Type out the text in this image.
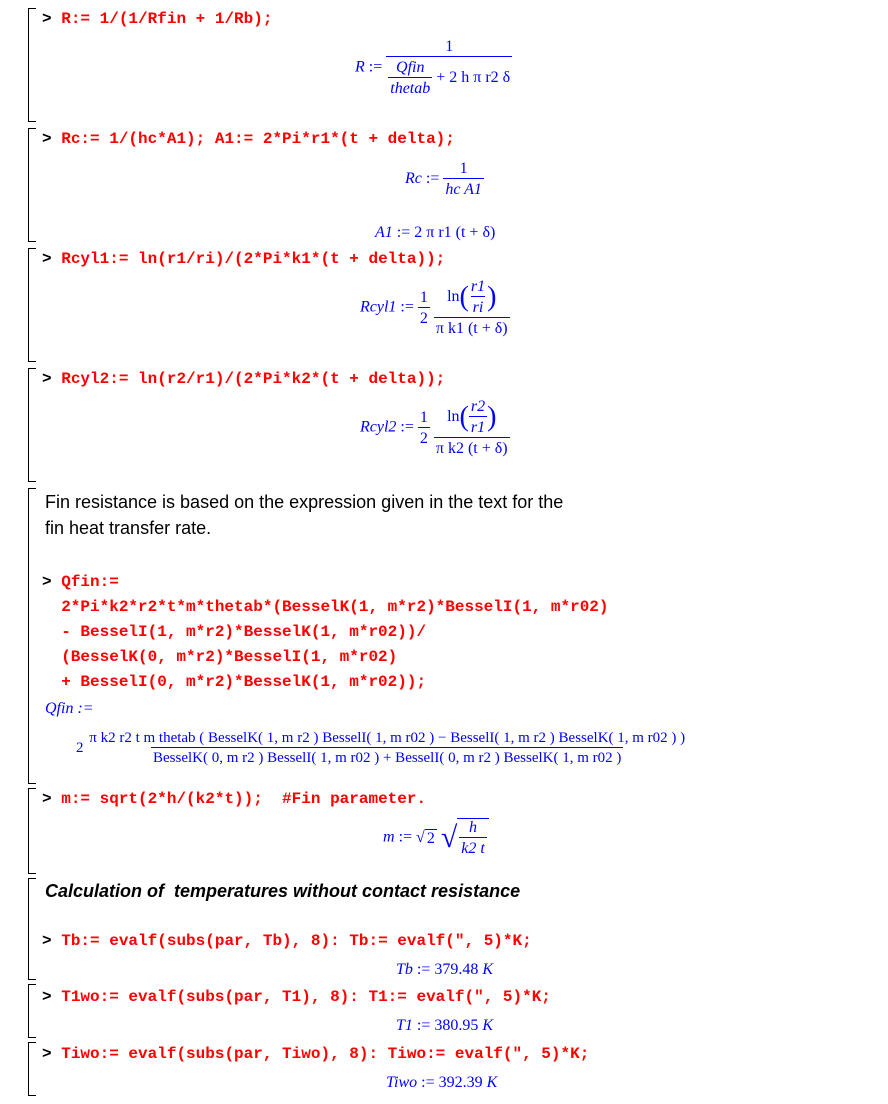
> R:= 1/(1/Rfin + 1/Rb);
R := $\frac{1}{\frac{\text{Qfin}}{\text{thetab}} + 2 h \pi r2 \delta}$
> Rc:= 1/(hc*A1); A1:= 2*Pi*r1*(t + delta);
Rc := $\frac{1}{\text{hc A1}}$
A1 := 2 π r1 (t + δ)
> Rcyl1:= ln(r1/ri)/(2*Pi*k1*(t + delta));
Rcyl1 := $\frac{1}{2}$
$\frac{\ln( \frac{r1}{ri} )}{\text{π k1 (t + δ)}}$
> Rcyl2:= ln(r2/r1)/(2*Pi*k2*(t + delta));
Rcyl2 := $\frac{1}{2}$
$\frac{\ln( \frac{r2}{r1} )}{\text{π k2 (t + δ)}}$
Fin resistance is based on the expression given in the text for the
fin heat transfer rate.
> Qfin:=
2*Pi*k2*r2*t*m*thetab*(BesselK(1, m*r2)*BesselI(1, m*r02)
- BesselI(1, m*r2)*BesselK(1, m*r02))/
(BesselK(0, m*r2)*BesselI(1, m*r02)
+ BesselI(0, m*r2)*BesselK(1, m*r02));
Qfin :=
2
π k2 r2 t m thetab ( BesselK( 1, m r2 ) BesselI( 1, m r02 ) − BesselI( 1, m r2 ) BesselK( 1, m r02 ) )
BesselK( 0, m r2 ) BesselI( 1, m r02 ) + BesselI( 0, m r2 ) BesselK( 1, m r02 )
> m:= sqrt(2*h/(k2*t));  #Fin parameter.
m := √ 2
√ $\frac{h}{k2 t}$
Calculation of  temperatures without contact resistance
> Tb:= evalf(subs(par, Tb), 8): Tb:= evalf(", 5)*K;
Tb := 379.48 K
> T1wo:= evalf(subs(par, T1), 8): T1:= evalf(", 5)*K;
T1 := 380.95 K
> Tiwo:= evalf(subs(par, Tiwo), 8): Tiwo:= evalf(", 5)*K;
Tiwo := 392.39 K
